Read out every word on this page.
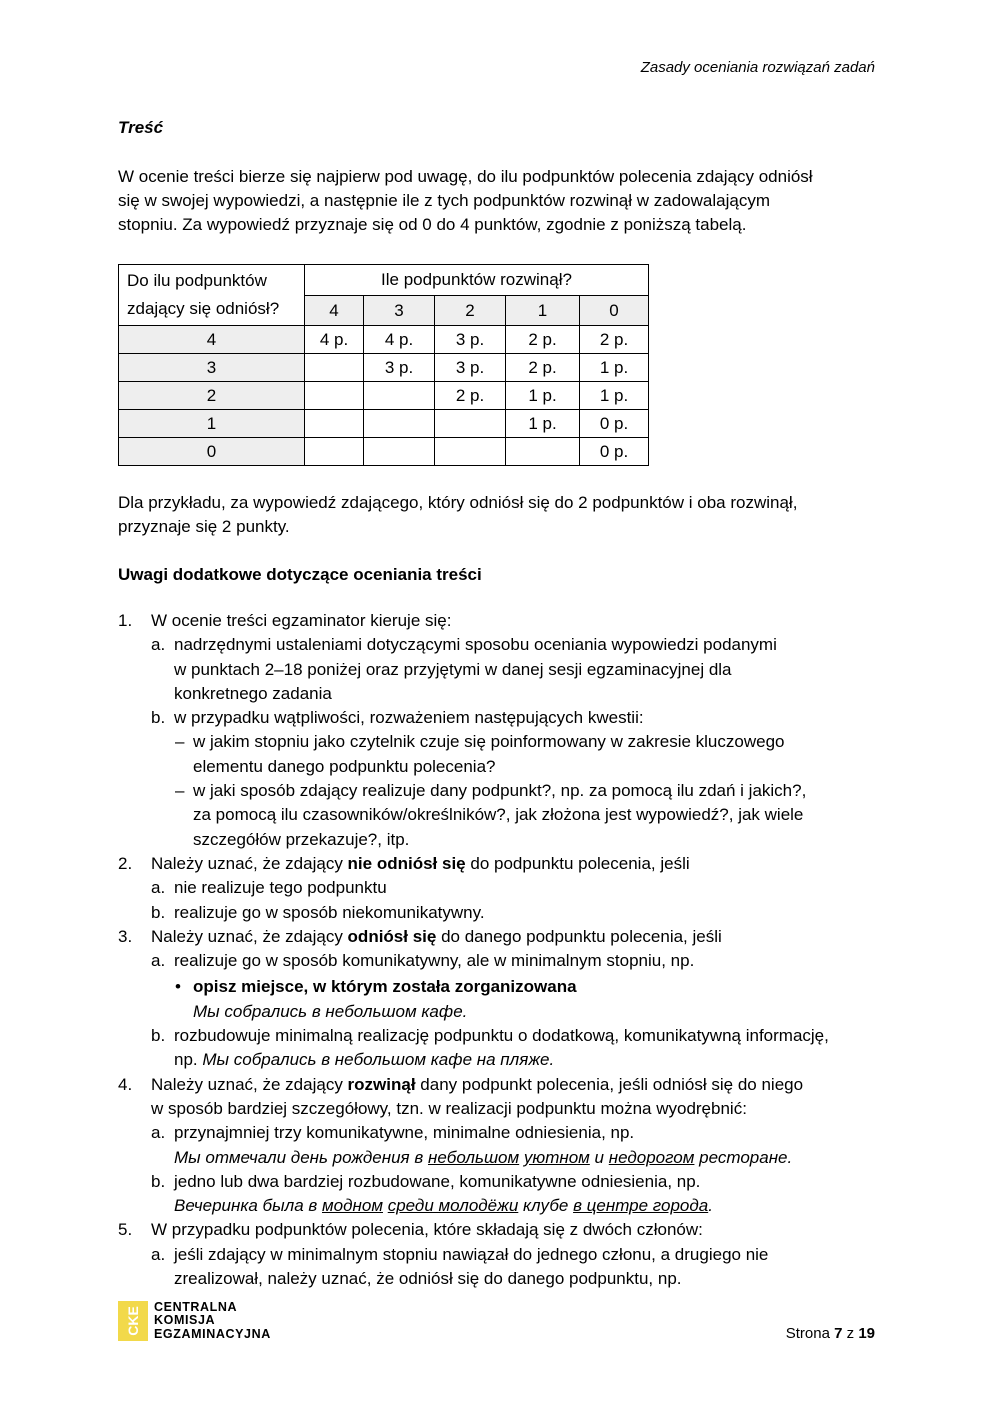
Zasady oceniania rozwiązań zadań
Treść
W ocenie treści bierze się najpierw pod uwagę, do ilu podpunktów polecenia zdający odniósł
się w swojej wypowiedzi, a następnie ile z tych podpunktów rozwinął w zadowalającym
stopniu. Za wypowiedź przyznaje się od 0 do 4 punktów, zgodnie z poniższą tabelą.
Do ilu podpunktów
zdający się odniósł?	Ile podpunktów rozwinął?				
	4	3	2	1	0
4	4 p.	4 p.	3 p.	2 p.	2 p.
3		3 p.	3 p.	2 p.	1 p.
2			2 p.	1 p.	1 p.
1				1 p.	0 p.
0					0 p.
Dla przykładu, za wypowiedź zdającego, który odniósł się do 2 podpunktów i oba rozwinął,
przyznaje się 2 punkty.
Uwagi dodatkowe dotyczące oceniania treści
1. W ocenie treści egzaminator kieruje się:
a. nadrzędnymi ustaleniami dotyczącymi sposobu oceniania wypowiedzi podanymi
w punktach 2–18 poniżej oraz przyjętymi w danej sesji egzaminacyjnej dla
konkretnego zadania
b. w przypadku wątpliwości, rozważeniem następujących kwestii:
– w jakim stopniu jako czytelnik czuje się poinformowany w zakresie kluczowego
elementu danego podpunktu polecenia?
– w jaki sposób zdający realizuje dany podpunkt?, np. za pomocą ilu zdań i jakich?,
za pomocą ilu czasowników/określników?, jak złożona jest wypowiedź?, jak wiele
szczegółów przekazuje?, itp.
2. Należy uznać, że zdający nie odniósł się do podpunktu polecenia, jeśli
a. nie realizuje tego podpunktu
b. realizuje go w sposób niekomunikatywny.
3. Należy uznać, że zdający odniósł się do danego podpunktu polecenia, jeśli
a. realizuje go w sposób komunikatywny, ale w minimalnym stopniu, np.
• opisz miejsce, w którym została zorganizowana
Мы собрались в небольшом кафе.
b. rozbudowuje minimalną realizację podpunktu o dodatkową, komunikatywną informację,
np. Мы собрались в небольшом кафе на пляже.
4. Należy uznać, że zdający rozwinął dany podpunkt polecenia, jeśli odniósł się do niego
w sposób bardziej szczegółowy, tzn. w realizacji podpunktu można wyodrębnić:
a. przynajmniej trzy komunikatywne, minimalne odniesienia, np.
Мы отмечали день рождения в небольшом уютном и недорогом ресторане.
b. jedno lub dwa bardziej rozbudowane, komunikatywne odniesienia, np.
Вечеринка была в модном среди молодёжи клубе в центре города.
5. W przypadku podpunktów polecenia, które składają się z dwóch członów:
a. jeśli zdający w minimalnym stopniu nawiązał do jednego członu, a drugiego nie
zrealizował, należy uznać, że odniósł się do danego podpunktu, np.
CKE CENTRALNA
KOMISJA
EGZAMINACYJNA	Strona 7 z 19
